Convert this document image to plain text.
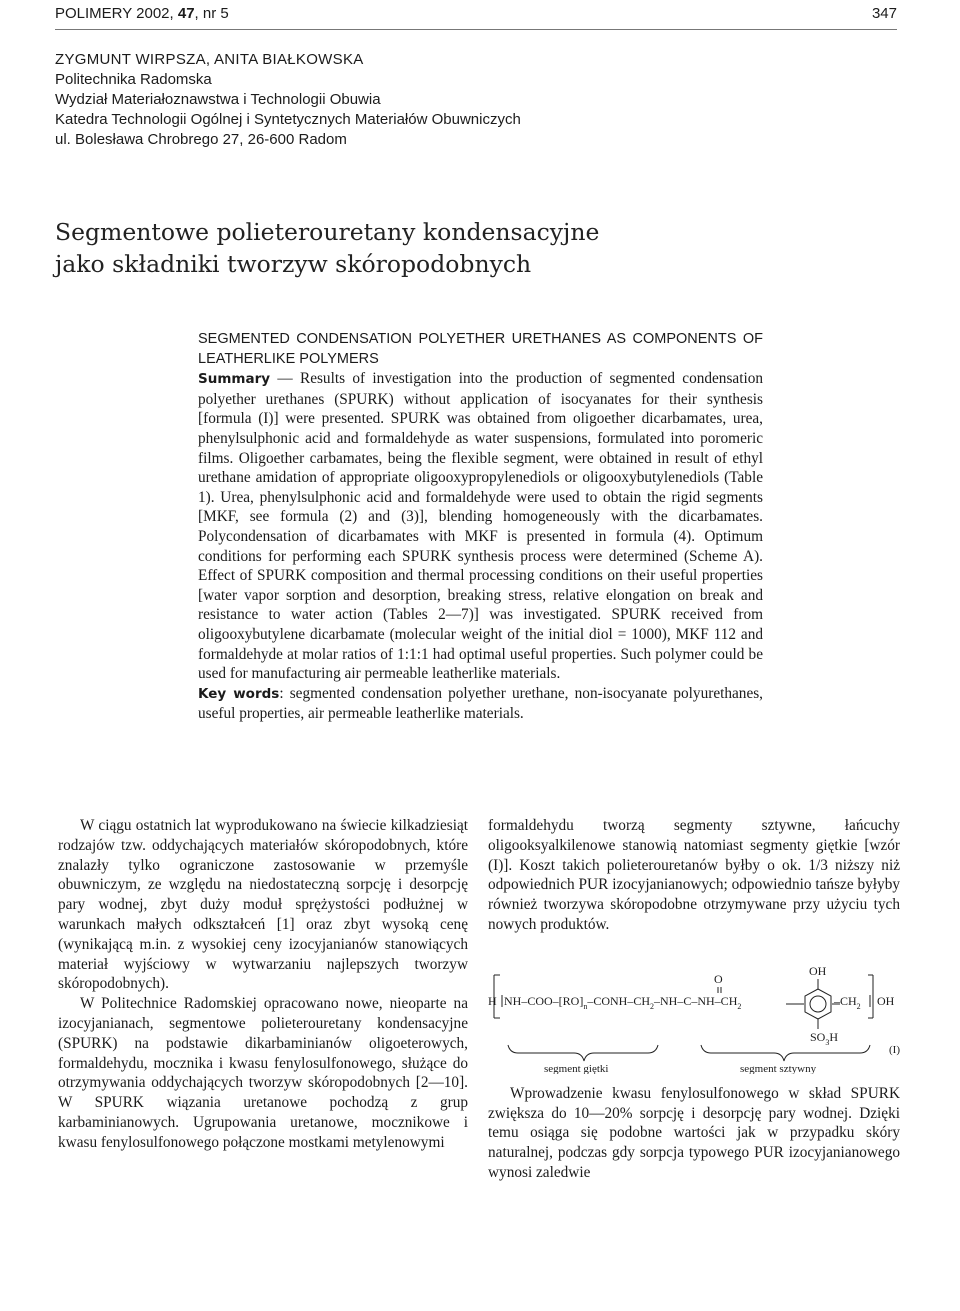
POLIMERY 2002, 47, nr 5	347
ZYGMUNT WIRPSZA, ANITA BIAŁKOWSKA
Politechnika Radomska
Wydział Materiałoznawstwa i Technologii Obuwia
Katedra Technologii Ogólnej i Syntetycznych Materiałów Obuwniczych
ul. Bolesława Chrobrego 27, 26-600 Radom
Segmentowe polieterouretany kondensacyjne
jako składniki tworzyw skóropodobnych

SEGMENTED CONDENSATION POLYETHER URETHANES AS COMPONENTS OF LEATHERLIKE POLYMERS

Summary — Results of investigation into the production of segmented condensation polyether urethanes (SPURK) without application of isocyanates for their synthesis [formula (I)] were presented. SPURK was obtained from oligoether dicarbamates, urea, phenylsulphonic acid and formaldehyde as water suspensions, formulated into poromeric films. Oligoether carbamates, being the flexible segment, were obtained in result of ethyl urethane amidation of appropriate oligooxypropylenediols or oligooxybutylenediols (Table 1). Urea, phenylsulphonic acid and formaldehyde were used to obtain the rigid segments [MKF, see formula (2) and (3)], blending homogeneously with the dicarbamates. Polycondensation of dicarbamates with MKF is presented in formula (4). Optimum conditions for performing each SPURK synthesis process were determined (Scheme A). Effect of SPURK composition and thermal processing conditions on their useful properties [water vapor sorption and desorption, breaking stress, relative elongation on break and resistance to water action (Tables 2—7)] was investigated. SPURK received from oligooxybutylene dicarbamate (molecular weight of the initial diol = 1000), MKF 112 and formaldehyde at molar ratios of 1:1:1 had optimal useful properties. Such polymer could be used for manufacturing air permeable leatherlike materials.

Key words: segmented condensation polyether urethane, non-isocyanate polyurethanes, useful properties, air permeable leatherlike materials.

W ciągu ostatnich lat wyprodukowano na świecie kilkadziesiąt rodzajów tzw. oddychających materiałów skóropodobnych, które znalazły tylko ograniczone zastosowanie w przemyśle obuwniczym, ze względu na niedostateczną sorpcję i desorpcję pary wodnej, zbyt duży moduł sprężystości podłużnej w warunkach małych odkształceń [1] oraz zbyt wysoką cenę (wynikającą m.in. z wysokiej ceny izocyjanianów stanowiących materiał wyjściowy w wytwarzaniu najlepszych tworzyw skóropodobnych).

W Politechnice Radomskiej opracowano nowe, nieoparte na izocyjanianach, segmentowe polieterouretany kondensacyjne (SPURK) na podstawie dikarbaminianów oligoeterowych, formaldehydu, mocznika i kwasu fenylosulfonowego, służące do otrzymywania oddychających tworzyw skóropodobnych [2—10]. W SPURK wiązania uretanowe pochodzą z grup karbaminianowych. Ugrupowania uretanowe, mocznikowe i kwasu fenylosulfonowego połączone mostkami metylenowymi

formaldehydu tworzą segmenty sztywne, łańcuchy oligooksyalkilenowe stanowią natomiast segmenty giętkie [wzór (I)]. Koszt takich polieterouretanów byłby o ok. 1/3 niższy niż odpowiednich PUR izocyjanianowych; odpowiednio tańsze byłyby również tworzywa skóropodobne otrzymywane przy użyciu tych nowych produktów.

H $NH-COO-[RO]_n-CONH-CH_2-NH-C-NH-CH_2$
O
OH
$-CH_2$ OH
$SO_3H$
segment giętki	segment sztywny
(I)

Wprowadzenie kwasu fenylosulfonowego w skład SPURK zwiększa do 10—20% sorpcję i desorpcję pary wodnej. Dzięki temu osiąga się podobne wartości jak w przypadku skóry naturalnej, podczas gdy sorpcja typowego PUR izocyjanianowego wynosi zaledwie
